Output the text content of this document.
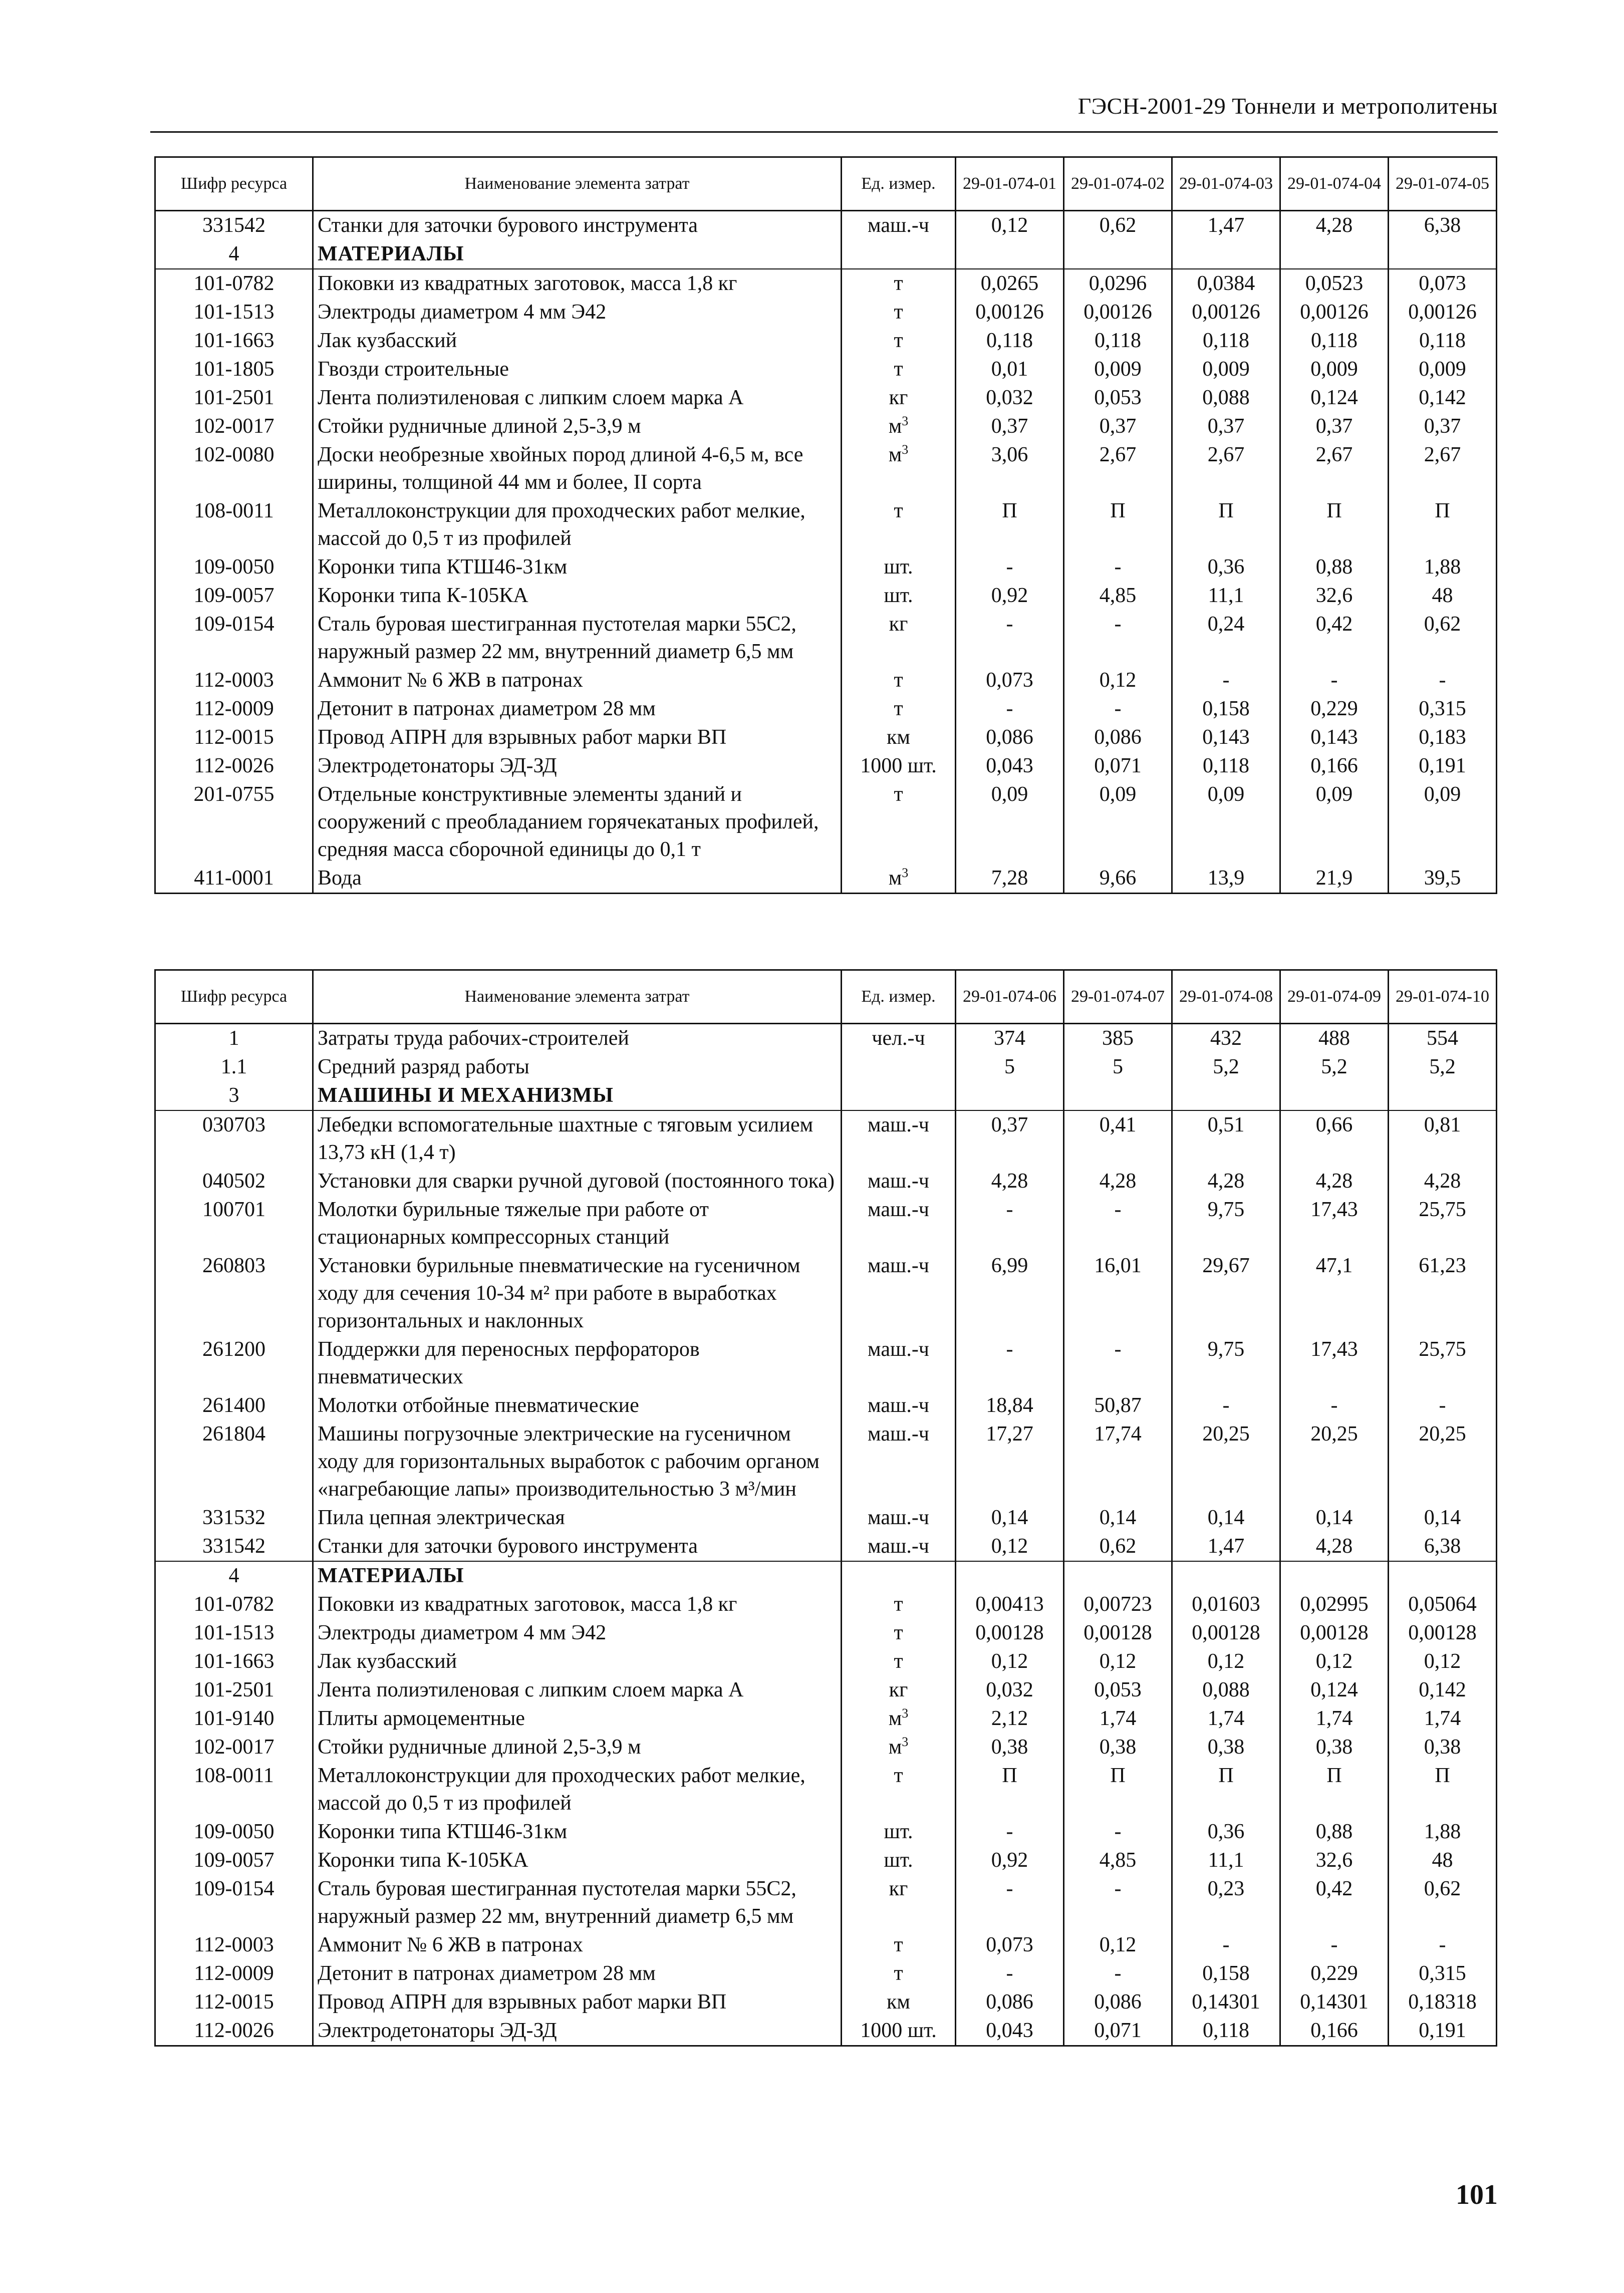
ГЭСН-2001-29 Тоннели и метрополитены
Шифр ресурса	Наименование элемента затрат	Ед. измер.	29-01-074-01	29-01-074-02	29-01-074-03	29-01-074-04	29-01-074-05
331542	Станки для заточки бурового инструмента	маш.-ч	0,12	0,62	1,47	4,28	6,38
4	МАТЕРИАЛЫ						
101-0782	Поковки из квадратных заготовок, масса 1,8 кг	т	0,0265	0,0296	0,0384	0,0523	0,073
101-1513	Электроды диаметром 4 мм Э42	т	0,00126	0,00126	0,00126	0,00126	0,00126
101-1663	Лак кузбасский	т	0,118	0,118	0,118	0,118	0,118
101-1805	Гвозди строительные	т	0,01	0,009	0,009	0,009	0,009
101-2501	Лента полиэтиленовая с липким слоем марка А	кг	0,032	0,053	0,088	0,124	0,142
102-0017	Стойки рудничные длиной 2,5-3,9 м	$м^3$	0,37	0,37	0,37	0,37	0,37
102-0080	Доски необрезные хвойных пород длиной 4-6,5 м, все ширины, толщиной 44 мм и более, II сорта	$м^3$	3,06	2,67	2,67	2,67	2,67
108-0011	Металлоконструкции для проходческих работ мелкие, массой до 0,5 т из профилей	т	П	П	П	П	П
109-0050	Коронки типа КТШ46-31км	шт.	-	-	0,36	0,88	1,88
109-0057	Коронки типа К-105КА	шт.	0,92	4,85	11,1	32,6	48
109-0154	Сталь буровая шестигранная пустотелая марки 55С2, наружный размер 22 мм, внутренний диаметр 6,5 мм	кг	-	-	0,24	0,42	0,62
112-0003	Аммонит № 6 ЖВ в патронах	т	0,073	0,12	-	-	-
112-0009	Детонит в патронах диаметром 28 мм	т	-	-	0,158	0,229	0,315
112-0015	Провод АПРН для взрывных работ марки ВП	км	0,086	0,086	0,143	0,143	0,183
112-0026	Электродетонаторы ЭД-ЗД	1000 шт.	0,043	0,071	0,118	0,166	0,191
201-0755	Отдельные конструктивные элементы зданий и сооружений с преобладанием горячекатаных профилей, средняя масса сборочной единицы до 0,1 т	т	0,09	0,09	0,09	0,09	0,09
411-0001	Вода	$м^3$	7,28	9,66	13,9	21,9	39,5
Шифр ресурса	Наименование элемента затрат	Ед. измер.	29-01-074-06	29-01-074-07	29-01-074-08	29-01-074-09	29-01-074-10
1	Затраты труда рабочих-строителей	чел.-ч	374	385	432	488	554
1.1	Средний разряд работы		5	5	5,2	5,2	5,2
3	МАШИНЫ И МЕХАНИЗМЫ						
030703	Лебедки вспомогательные шахтные с тяговым усилием 13,73 кН (1,4 т)	маш.-ч	0,37	0,41	0,51	0,66	0,81
040502	Установки для сварки ручной дуговой (постоянного тока)	маш.-ч	4,28	4,28	4,28	4,28	4,28
100701	Молотки бурильные тяжелые при работе от стационарных компрессорных станций	маш.-ч	-	-	9,75	17,43	25,75
260803	Установки бурильные пневматические на гусеничном ходу для сечения 10-34 м² при работе в выработках горизонтальных и наклонных	маш.-ч	6,99	16,01	29,67	47,1	61,23
261200	Поддержки для переносных перфораторов пневматических	маш.-ч	-	-	9,75	17,43	25,75
261400	Молотки отбойные пневматические	маш.-ч	18,84	50,87	-	-	-
261804	Машины погрузочные электрические на гусеничном ходу для горизонтальных выработок с рабочим органом «нагребающие лапы» производительностью 3 м³/мин	маш.-ч	17,27	17,74	20,25	20,25	20,25
331532	Пила цепная электрическая	маш.-ч	0,14	0,14	0,14	0,14	0,14
331542	Станки для заточки бурового инструмента	маш.-ч	0,12	0,62	1,47	4,28	6,38
4	МАТЕРИАЛЫ						
101-0782	Поковки из квадратных заготовок, масса 1,8 кг	т	0,00413	0,00723	0,01603	0,02995	0,05064
101-1513	Электроды диаметром 4 мм Э42	т	0,00128	0,00128	0,00128	0,00128	0,00128
101-1663	Лак кузбасский	т	0,12	0,12	0,12	0,12	0,12
101-2501	Лента полиэтиленовая с липким слоем марка А	кг	0,032	0,053	0,088	0,124	0,142
101-9140	Плиты армоцементные	$м^3$	2,12	1,74	1,74	1,74	1,74
102-0017	Стойки рудничные длиной 2,5-3,9 м	$м^3$	0,38	0,38	0,38	0,38	0,38
108-0011	Металлоконструкции для проходческих работ мелкие, массой до 0,5 т из профилей	т	П	П	П	П	П
109-0050	Коронки типа КТШ46-31км	шт.	-	-	0,36	0,88	1,88
109-0057	Коронки типа К-105КА	шт.	0,92	4,85	11,1	32,6	48
109-0154	Сталь буровая шестигранная пустотелая марки 55С2, наружный размер 22 мм, внутренний диаметр 6,5 мм	кг	-	-	0,23	0,42	0,62
112-0003	Аммонит № 6 ЖВ в патронах	т	0,073	0,12	-	-	-
112-0009	Детонит в патронах диаметром 28 мм	т	-	-	0,158	0,229	0,315
112-0015	Провод АПРН для взрывных работ марки ВП	км	0,086	0,086	0,14301	0,14301	0,18318
112-0026	Электродетонаторы ЭД-ЗД	1000 шт.	0,043	0,071	0,118	0,166	0,191
101
